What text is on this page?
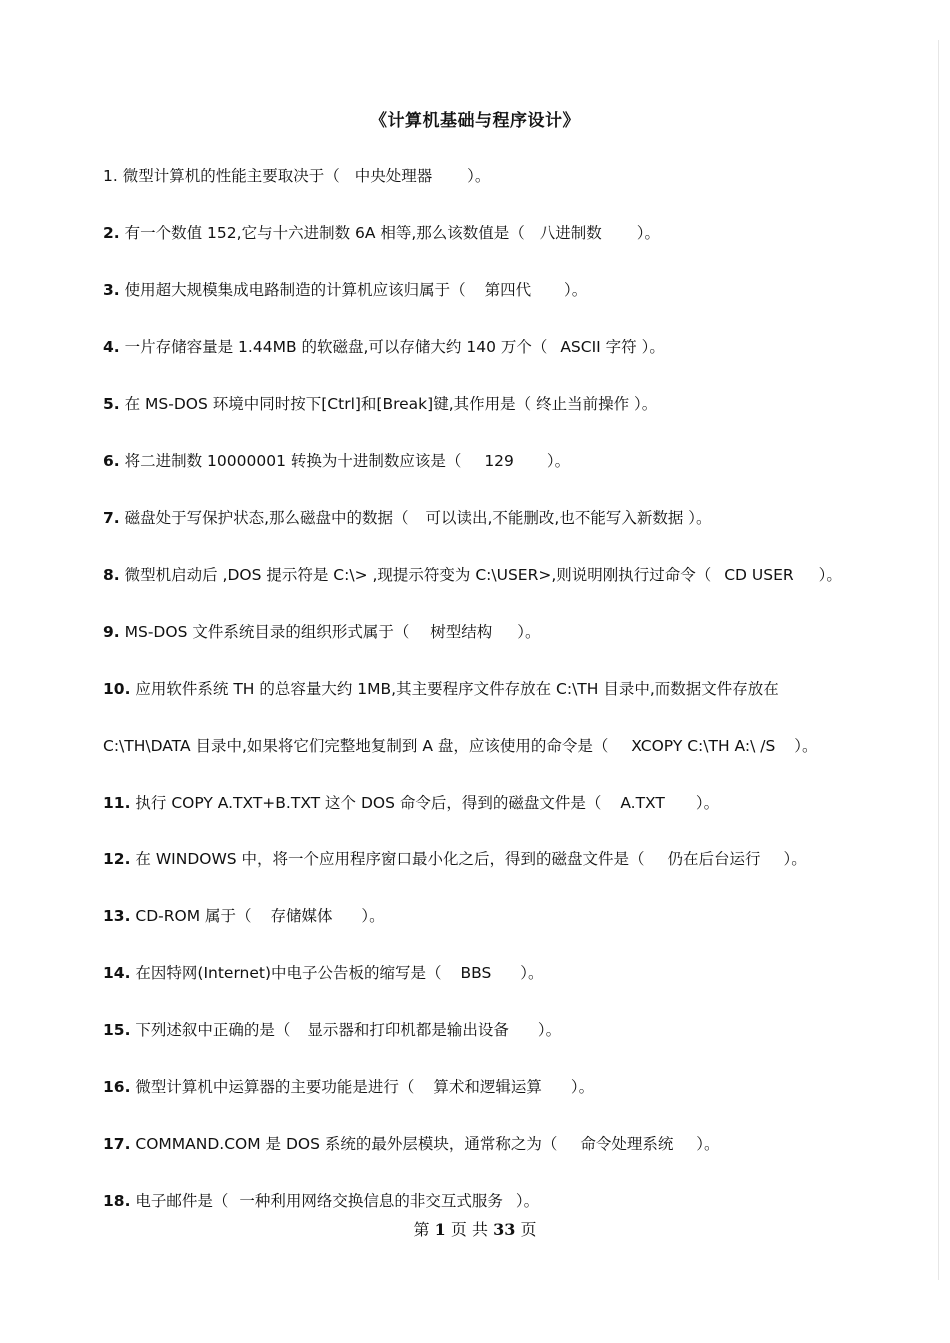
《计算机基础与程序设计》
1. 微型计算机的性能主要取决于（ 中央处理器 ）。
2. 有一个数值 152,它与十六进制数 6A 相等,那么该数值是（ 八进制数 ）。
3. 使用超大规模集成电路制造的计算机应该归属于（ 第四代 ）。
4. 一片存储容量是 1.44MB 的软磁盘,可以存储大约 140 万个（ ASCII 字符 ）。
5. 在 MS-DOS 环境中同时按下[Ctrl]和[Break]键,其作用是（ 终止当前操作 ）。
6. 将二进制数 10000001 转换为十进制数应该是（ 129 ）。
7. 磁盘处于写保护状态,那么磁盘中的数据（ 可以读出,不能删改,也不能写入新数据 ）。
8. 微型机启动后 ,DOS 提示符是 C:\> ,现提示符变为 C:\USER>,则说明刚执行过命令（ CD USER ）。
9. MS-DOS 文件系统目录的组织形式属于（ 树型结构 ）。
10. 应用软件系统 TH 的总容量大约 1MB,其主要程序文件存放在 C:\TH 目录中,而数据文件存放在
C:\TH\DATA 目录中,如果将它们完整地复制到 A 盘，应该使用的命令是（ XCOPY C:\TH A:\ /S ）。
11. 执行 COPY A.TXT+B.TXT 这个 DOS 命令后，得到的磁盘文件是（ A.TXT ）。
12. 在 WINDOWS 中，将一个应用程序窗口最小化之后，得到的磁盘文件是（ 仍在后台运行 ）。
13. CD-ROM 属于（ 存储媒体 ）。
14. 在因特网(Internet)中电子公告板的缩写是（ BBS ）。
15. 下列述叙中正确的是（ 显示器和打印机都是输出设备 ）。
16. 微型计算机中运算器的主要功能是进行（ 算术和逻辑运算 ）。
17. COMMAND.COM 是 DOS 系统的最外层模块，通常称之为（ 命令处理系统 ）。
18. 电子邮件是（ 一种利用网络交换信息的非交互式服务 ）。
第 1 页 共 33 页
